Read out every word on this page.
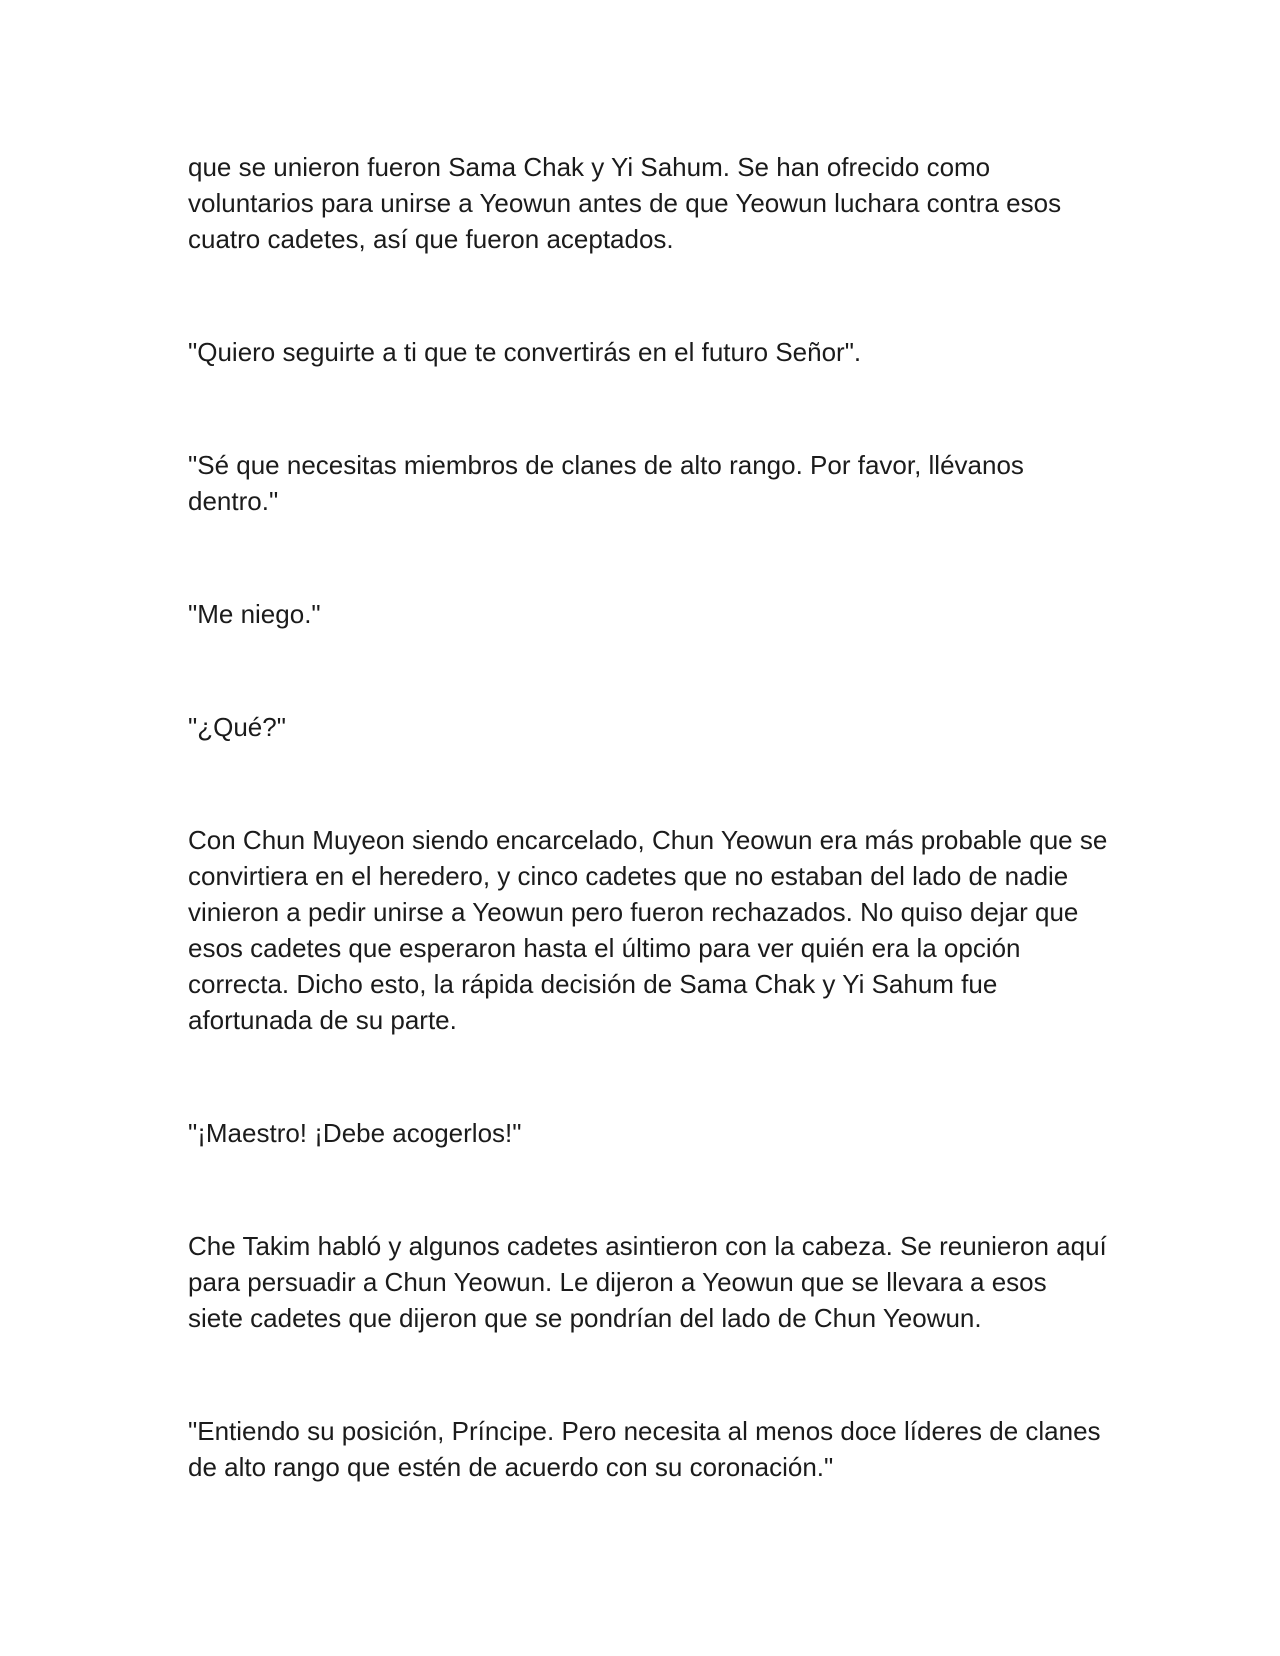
que se unieron fueron Sama Chak y Yi Sahum. Se han ofrecido como voluntarios para unirse a Yeowun antes de que Yeowun luchara contra esos cuatro cadetes, así que fueron aceptados.

"Quiero seguirte a ti que te convertirás en el futuro Señor".

"Sé que necesitas miembros de clanes de alto rango. Por favor, llévanos dentro."

"Me niego."

"¿Qué?"

Con Chun Muyeon siendo encarcelado, Chun Yeowun era más probable que se convirtiera en el heredero, y cinco cadetes que no estaban del lado de nadie vinieron a pedir unirse a Yeowun pero fueron rechazados. No quiso dejar que esos cadetes que esperaron hasta el último para ver quién era la opción correcta. Dicho esto, la rápida decisión de Sama Chak y Yi Sahum fue afortunada de su parte.

"¡Maestro! ¡Debe acogerlos!"

Che Takim habló y algunos cadetes asintieron con la cabeza. Se reunieron aquí para persuadir a Chun Yeowun. Le dijeron a Yeowun que se llevara a esos siete cadetes que dijeron que se pondrían del lado de Chun Yeowun.

"Entiendo su posición, Príncipe. Pero necesita al menos doce líderes de clanes de alto rango que estén de acuerdo con su coronación."
